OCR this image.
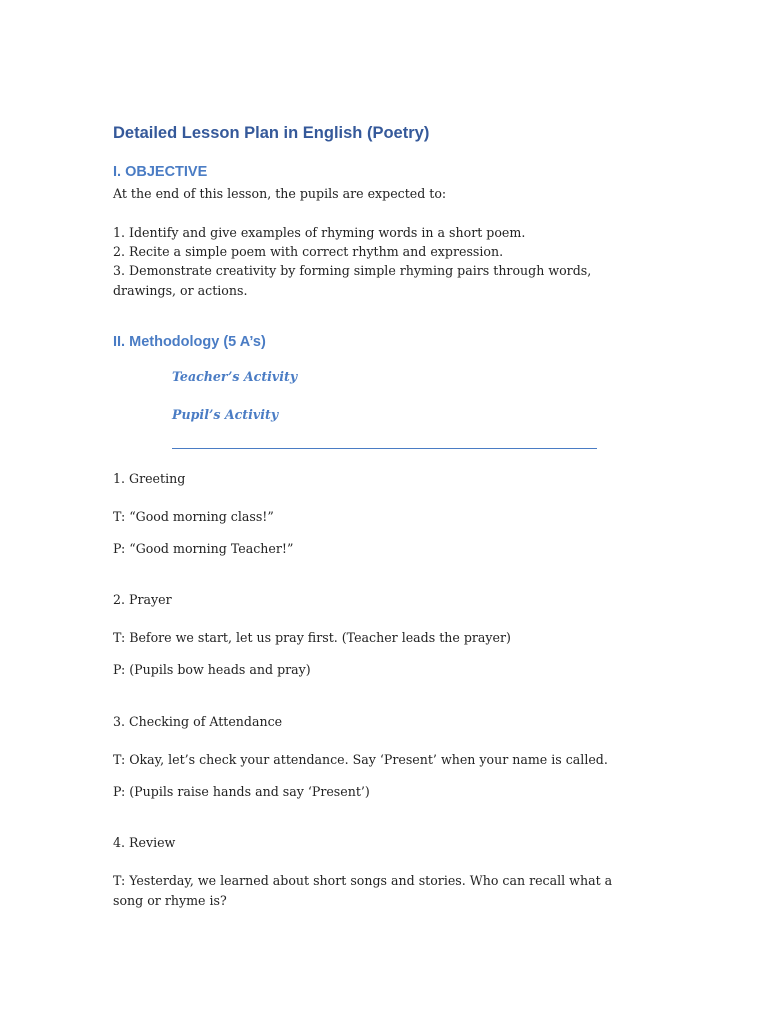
Detailed Lesson Plan in English (Poetry)
I. OBJECTIVE

At the end of this lesson, the pupils are expected to:

1. Identify and give examples of rhyming words in a short poem.

2. Recite a simple poem with correct rhythm and expression.

3. Demonstrate creativity by forming simple rhyming pairs through words, drawings, or actions.

II. Methodology (5 A’s)

Teacher’s Activity

Pupil’s Activity

1. Greeting

T: “Good morning class!”

P: “Good morning Teacher!”

2. Prayer

T: Before we start, let us pray first. (Teacher leads the prayer)

P: (Pupils bow heads and pray)

3. Checking of Attendance

T: Okay, let’s check your attendance. Say ‘Present’ when your name is called.

P: (Pupils raise hands and say ‘Present’)

4. Review

T: Yesterday, we learned about short songs and stories. Who can recall what a song or rhyme is?
